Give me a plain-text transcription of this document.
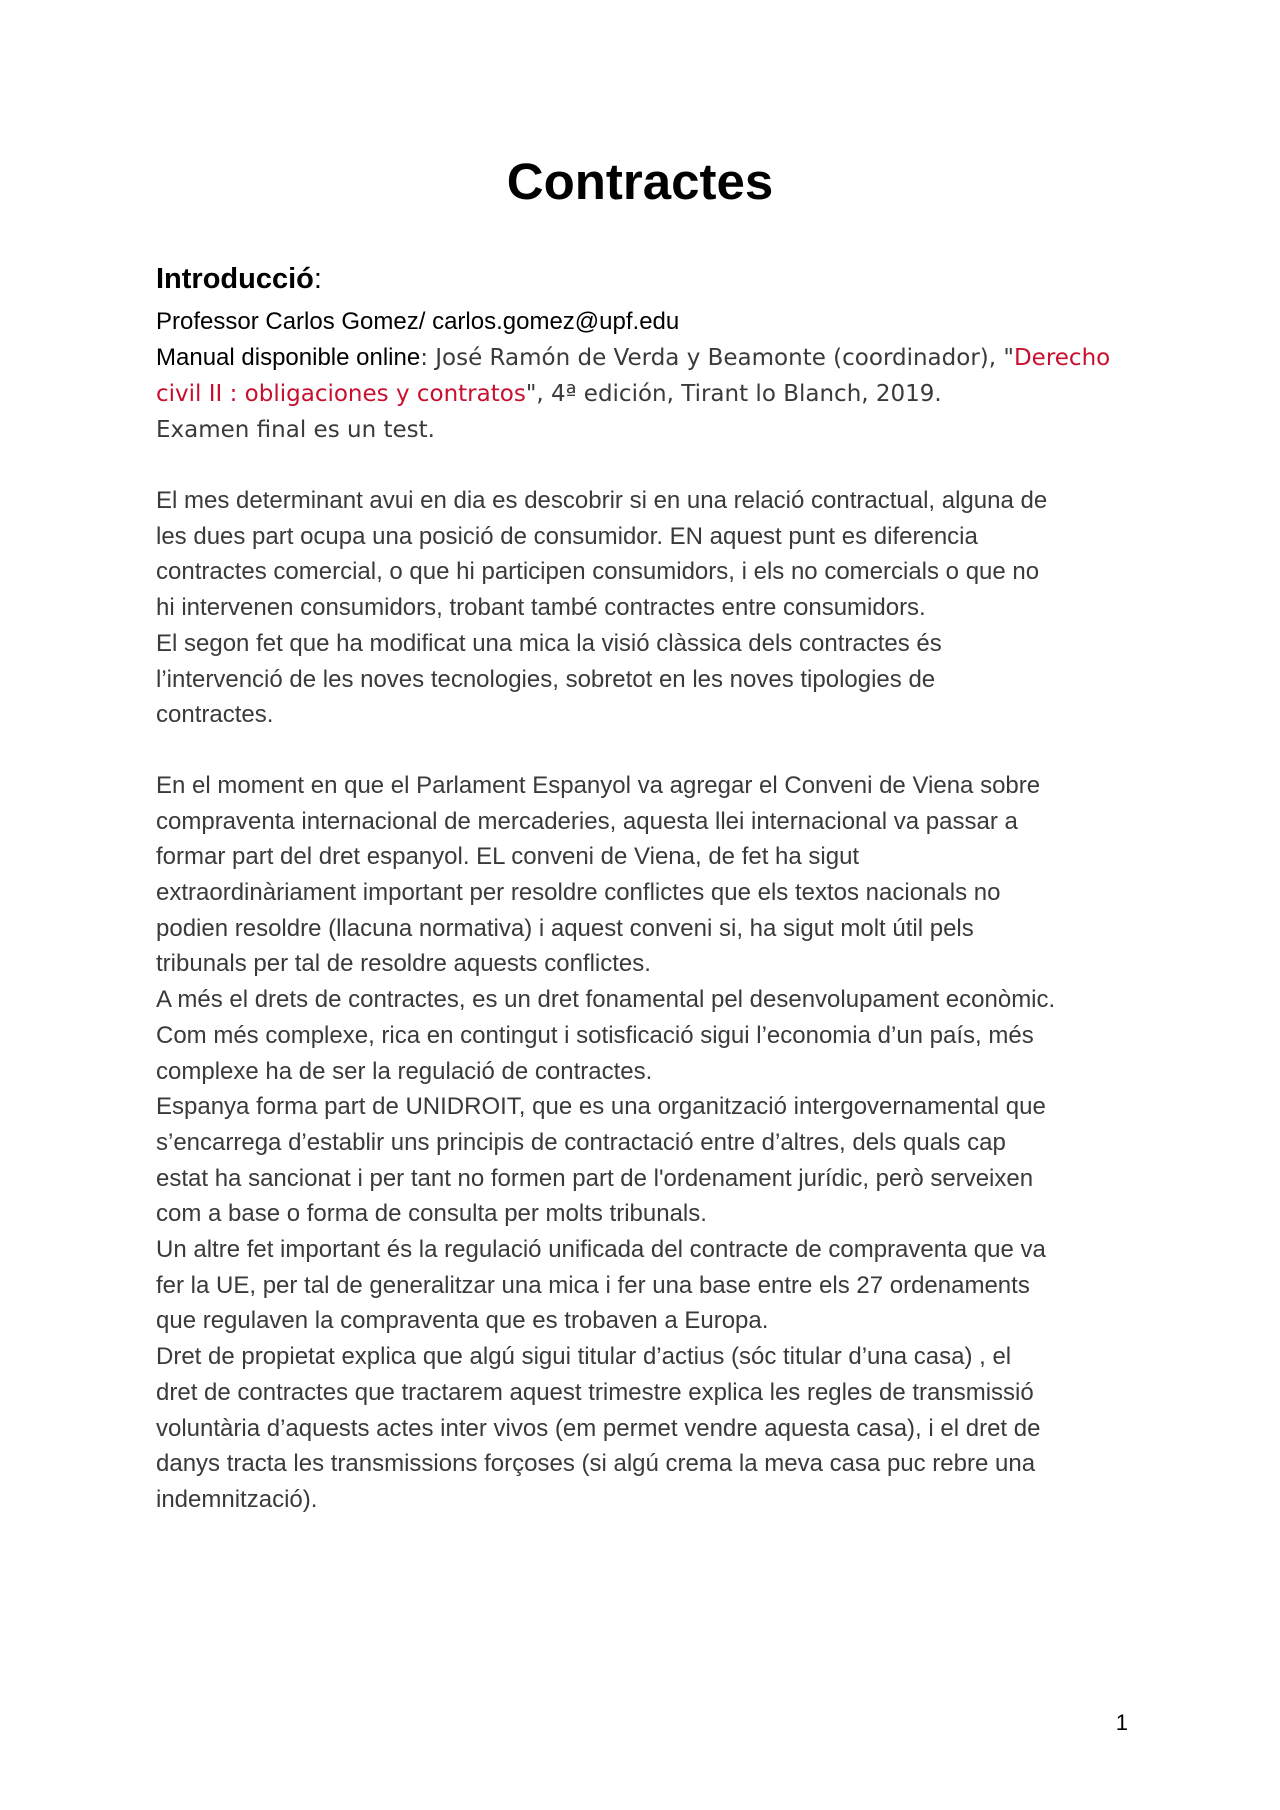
Contractes
Introducció:
Professor Carlos Gomez/ carlos.gomez@upf.edu
Manual disponible online: José Ramón de Verda y Beamonte (coordinador), "Derecho
civil II : obligaciones y contratos", 4ª edición, Tirant lo Blanch, 2019.
Examen final es un test.
El mes determinant avui en dia es descobrir si en una relació contractual, alguna de
les dues part ocupa una posició de consumidor. EN aquest punt es diferencia
contractes comercial, o que hi participen consumidors, i els no comercials o que no
hi intervenen consumidors, trobant també contractes entre consumidors.
El segon fet que ha modificat una mica la visió clàssica dels contractes és
l’intervenció de les noves tecnologies, sobretot en les noves tipologies de
contractes.
En el moment en que el Parlament Espanyol va agregar el Conveni de Viena sobre
compraventa internacional de mercaderies, aquesta llei internacional va passar a
formar part del dret espanyol. EL conveni de Viena, de fet ha sigut
extraordinàriament important per resoldre conflictes que els textos nacionals no
podien resoldre (llacuna normativa) i aquest conveni si, ha sigut molt útil pels
tribunals per tal de resoldre aquests conflictes.
A més el drets de contractes, es un dret fonamental pel desenvolupament econòmic.
Com més complexe, rica en contingut i sotisficació sigui l’economia d’un país, més
complexe ha de ser la regulació de contractes.
Espanya forma part de UNIDROIT, que es una organització intergovernamental que
s’encarrega d’establir uns principis de contractació entre d’altres, dels quals cap
estat ha sancionat i per tant no formen part de l'ordenament jurídic, però serveixen
com a base o forma de consulta per molts tribunals.
Un altre fet important és la regulació unificada del contracte de compraventa que va
fer la UE, per tal de generalitzar una mica i fer una base entre els 27 ordenaments
que regulaven la compraventa que es trobaven a Europa.
Dret de propietat explica que algú sigui titular d’actius (sóc titular d’una casa) , el
dret de contractes que tractarem aquest trimestre explica les regles de transmissió
voluntària d’aquests actes inter vivos (em permet vendre aquesta casa), i el dret de
danys tracta les transmissions forçoses (si algú crema la meva casa puc rebre una
indemnització).
1
